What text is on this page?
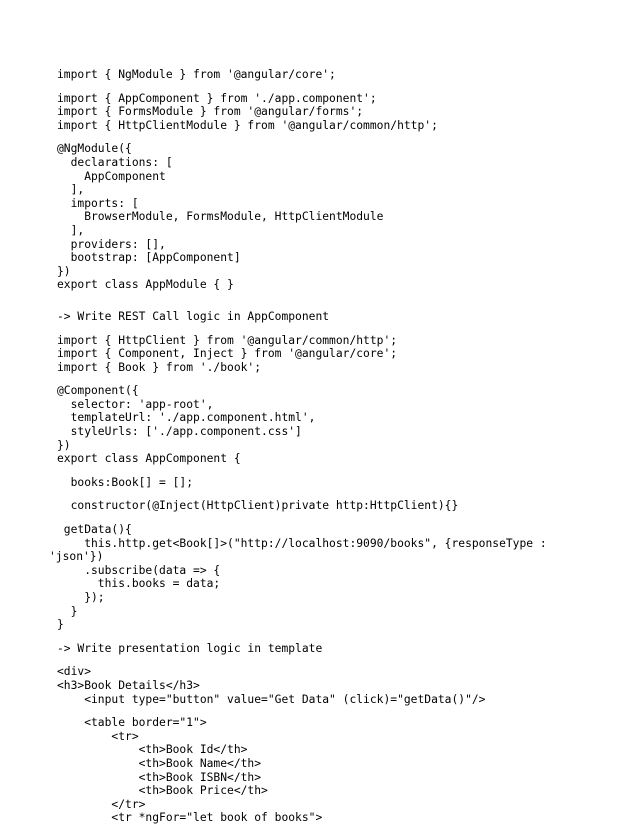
import { NgModule } from '@angular/core';
import { AppComponent } from './app.component';
import { FormsModule } from '@angular/forms';
import { HttpClientModule } from '@angular/common/http';
@NgModule({
declarations: [
AppComponent
],
imports: [
BrowserModule, FormsModule, HttpClientModule
],
providers: [],
bootstrap: [AppComponent]
})
export class AppModule { }
-> Write REST Call logic in AppComponent
import { HttpClient } from '@angular/common/http';
import { Component, Inject } from '@angular/core';
import { Book } from './book';
@Component({
selector: 'app-root',
templateUrl: './app.component.html',
styleUrls: ['./app.component.css']
})
export class AppComponent {
books:Book[] = [];
constructor(@Inject(HttpClient)private http:HttpClient){}
getData(){
this.http.get<Book[]>("http://localhost:9090/books", {responseType :
'json'})
.subscribe(data => {
this.books = data;
});
}
}
-> Write presentation logic in template
<div>
<h3>Book Details</h3>
<input type="button" value="Get Data" (click)="getData()"/>
<table border="1">
<tr>
<th>Book Id</th>
<th>Book Name</th>
<th>Book ISBN</th>
<th>Book Price</th>
</tr>
<tr *ngFor="let book of books">
